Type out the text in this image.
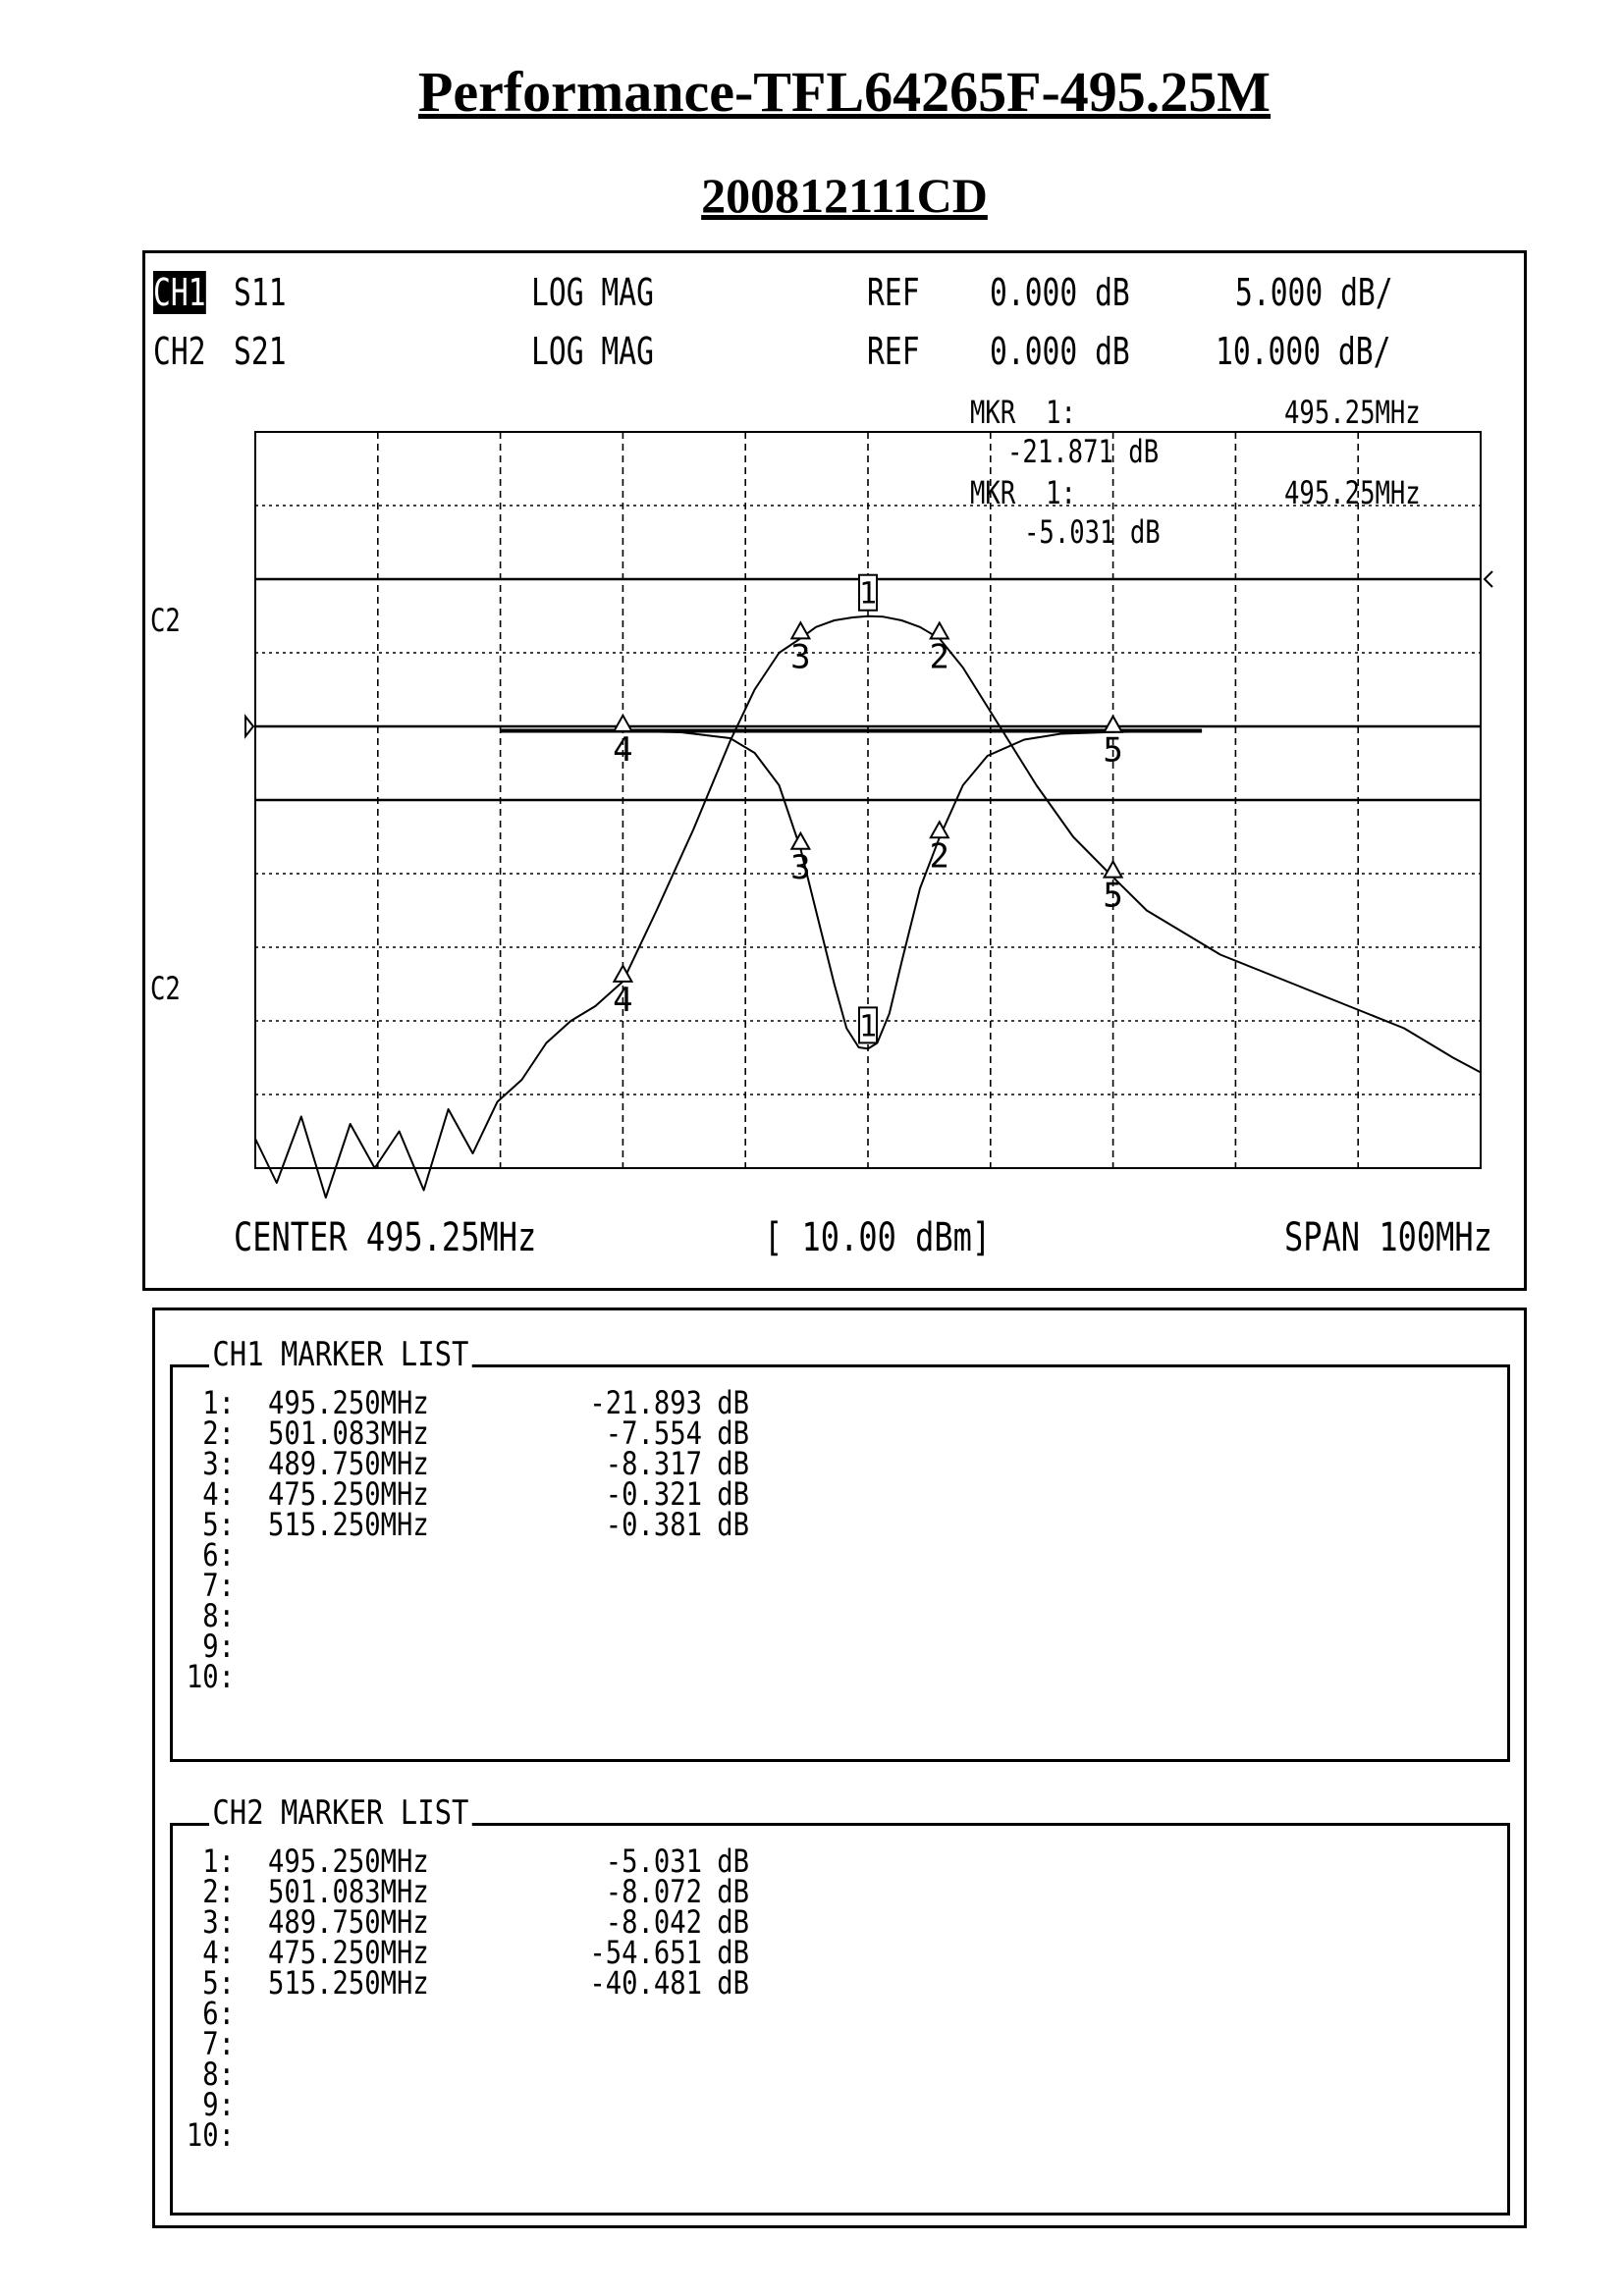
Performance-TFL64265F-495.25M
200812111CD
CH1 S11	LOG MAG	REF 0.000 dB	5.000 dB/
CH2 S21	LOG MAG	REF 0.000 dB 10.000 dB/
MKR  1:	495.25MHz
-21.871 dB
MKR  1:	495.25MHz
-5.031 dB
C2
C2
1
2
3
4	5
1
2
3
4
5
CENTER 495.25MHz	[ 10.00 dBm]	SPAN 100MHz
1: 495.250MHz	-21.893 dB
2: 501.083MHz	-7.554 dB
3: 489.750MHz	-8.317 dB
4: 475.250MHz	-0.321 dB
5: 515.250MHz	-0.381 dB
6:
7:
8:
9:
10:
CH1 MARKER LIST
1: 495.250MHz	-5.031 dB
2: 501.083MHz	-8.072 dB
3: 489.750MHz	-8.042 dB
4: 475.250MHz	-54.651 dB
5: 515.250MHz	-40.481 dB
6:
7:
8:
9:
10:
CH2 MARKER LIST
